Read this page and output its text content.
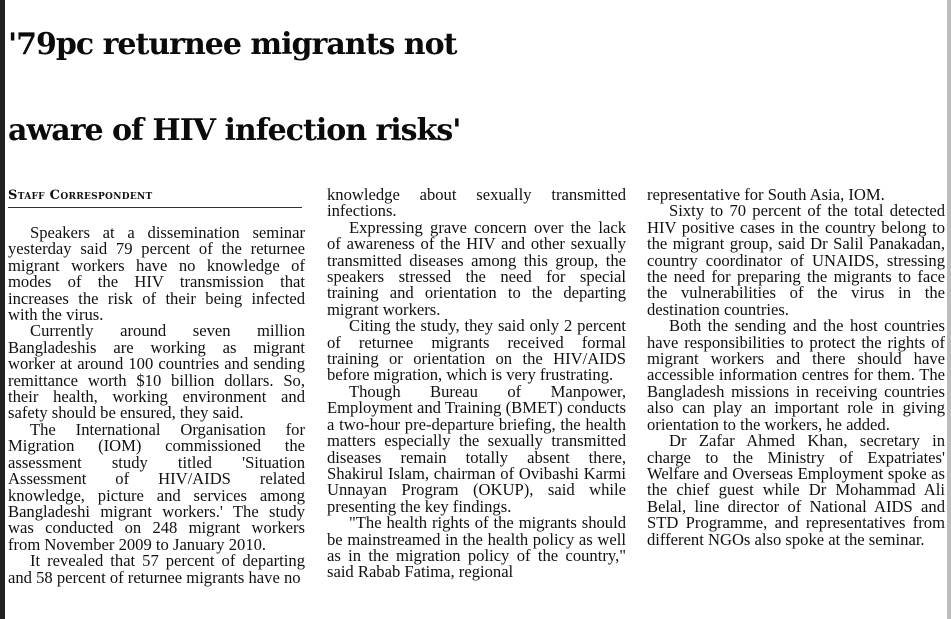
'79pc returnee migrants not
aware of HIV infection risks'
Staff Correspondent

Speakers at a dissemination seminar yesterday said 79 percent of the returnee migrant workers have no knowledge of modes of the HIV transmission that increases the risk of their being infected with the virus.

Currently around seven million Bangladeshis are working as migrant worker at around 100 countries and sending remittance worth $10 billion dollars. So, their health, working environment and safety should be ensured, they said.

The International Organisation for Migration (IOM) commissioned the assessment study titled 'Situation Assessment of HIV/AIDS related knowledge, picture and services among Bangladeshi migrant workers.' The study was conducted on 248 migrant workers from November 2009 to January 2010.

It revealed that 57 percent of departing and 58 percent of returnee migrants have no

knowledge about sexually transmitted infections.

Expressing grave concern over the lack of awareness of the HIV and other sexually transmitted diseases among this group, the speakers stressed the need for special training and orientation to the departing migrant workers.

Citing the study, they said only 2 percent of returnee migrants received formal training or orientation on the HIV/AIDS before migration, which is very frustrating.

Though Bureau of Manpower, Employment and Training (BMET) conducts a two-hour pre-departure briefing, the health matters especially the sexually transmitted diseases remain totally absent there, Shakirul Islam, chairman of Ovibashi Karmi Unnayan Program (OKUP), said while presenting the key findings.

"The health rights of the migrants should be mainstreamed in the health policy as well as in the migration policy of the country," said Rabab Fatima, regional

representative for South Asia, IOM.

Sixty to 70 percent of the total detected HIV positive cases in the country belong to the migrant group, said Dr Salil Panakadan, country coordinator of UNAIDS, stressing the need for preparing the migrants to face the vulnerabilities of the virus in the destination countries.

Both the sending and the host countries have responsibilities to protect the rights of migrant workers and there should have accessible information centres for them. The Bangladesh missions in receiving countries also can play an important role in giving orientation to the workers, he added.

Dr Zafar Ahmed Khan, secretary in charge to the Ministry of Expatriates' Welfare and Overseas Employment spoke as the chief guest while Dr Mohammad Ali Belal, line director of National AIDS and STD Programme, and representatives from different NGOs also spoke at the seminar.
